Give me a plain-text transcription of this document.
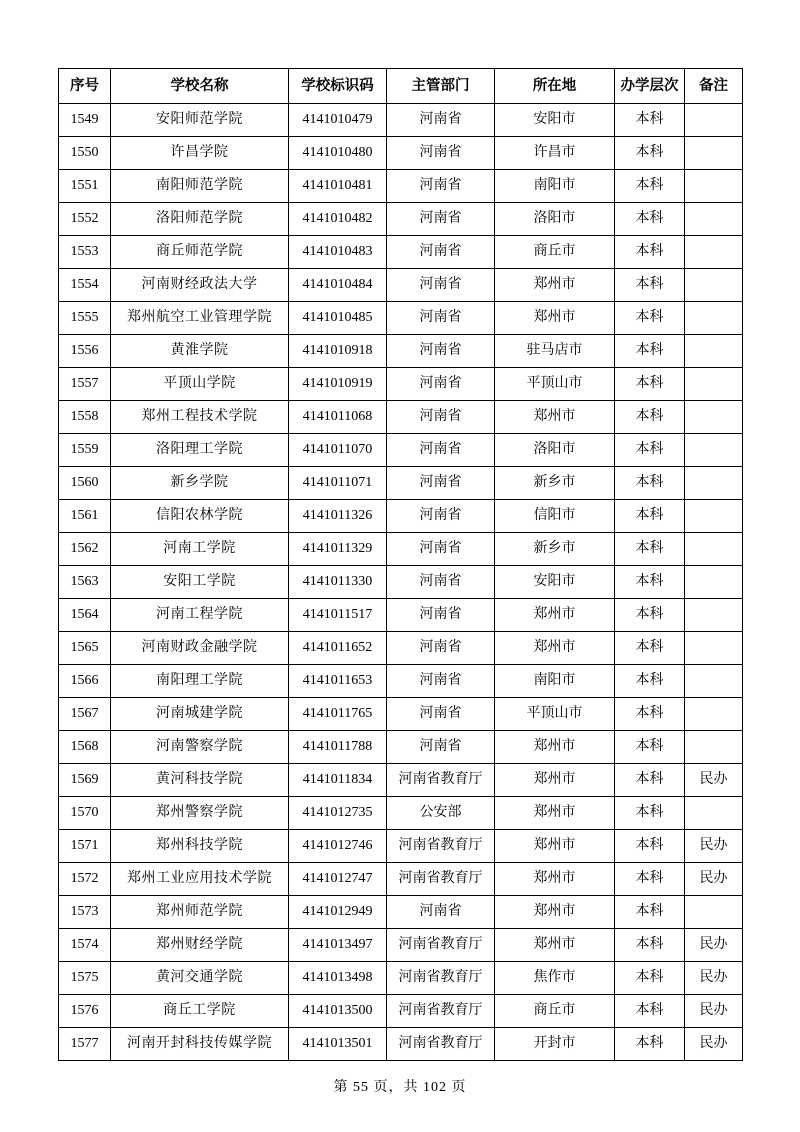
序号	学校名称	学校标识码	主管部门	所在地	办学层次	备注
1549	安阳师范学院	4141010479	河南省	安阳市	本科	
1550	许昌学院	4141010480	河南省	许昌市	本科	
1551	南阳师范学院	4141010481	河南省	南阳市	本科	
1552	洛阳师范学院	4141010482	河南省	洛阳市	本科	
1553	商丘师范学院	4141010483	河南省	商丘市	本科	
1554	河南财经政法大学	4141010484	河南省	郑州市	本科	
1555	郑州航空工业管理学院	4141010485	河南省	郑州市	本科	
1556	黄淮学院	4141010918	河南省	驻马店市	本科	
1557	平顶山学院	4141010919	河南省	平顶山市	本科	
1558	郑州工程技术学院	4141011068	河南省	郑州市	本科	
1559	洛阳理工学院	4141011070	河南省	洛阳市	本科	
1560	新乡学院	4141011071	河南省	新乡市	本科	
1561	信阳农林学院	4141011326	河南省	信阳市	本科	
1562	河南工学院	4141011329	河南省	新乡市	本科	
1563	安阳工学院	4141011330	河南省	安阳市	本科	
1564	河南工程学院	4141011517	河南省	郑州市	本科	
1565	河南财政金融学院	4141011652	河南省	郑州市	本科	
1566	南阳理工学院	4141011653	河南省	南阳市	本科	
1567	河南城建学院	4141011765	河南省	平顶山市	本科	
1568	河南警察学院	4141011788	河南省	郑州市	本科	
1569	黄河科技学院	4141011834	河南省教育厅	郑州市	本科	民办
1570	郑州警察学院	4141012735	公安部	郑州市	本科	
1571	郑州科技学院	4141012746	河南省教育厅	郑州市	本科	民办
1572	郑州工业应用技术学院	4141012747	河南省教育厅	郑州市	本科	民办
1573	郑州师范学院	4141012949	河南省	郑州市	本科	
1574	郑州财经学院	4141013497	河南省教育厅	郑州市	本科	民办
1575	黄河交通学院	4141013498	河南省教育厅	焦作市	本科	民办
1576	商丘工学院	4141013500	河南省教育厅	商丘市	本科	民办
1577	河南开封科技传媒学院	4141013501	河南省教育厅	开封市	本科	民办
第 55 页，共 102 页
